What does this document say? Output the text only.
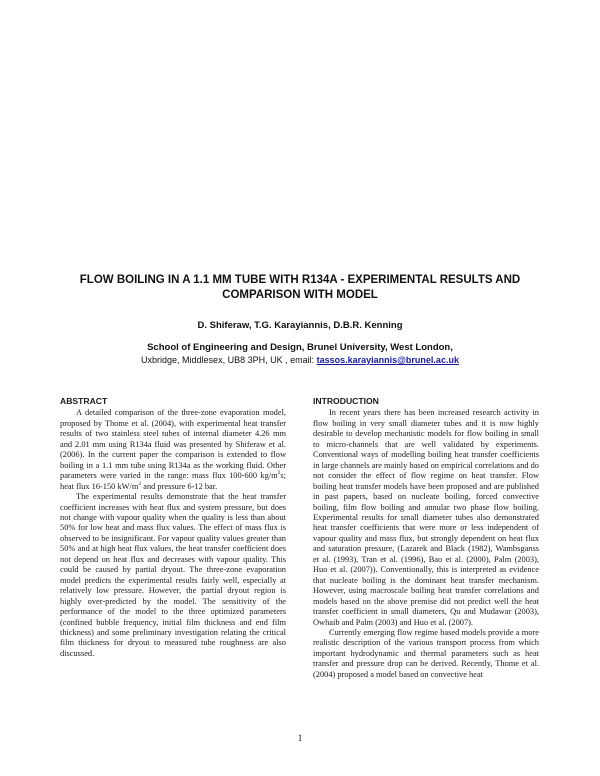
FLOW BOILING IN A 1.1 MM TUBE WITH R134A - EXPERIMENTAL RESULTS AND COMPARISON WITH MODEL

D. Shiferaw, T.G. Karayiannis, D.B.R. Kenning

School of Engineering and Design, Brunel University, West London,
Uxbridge, Middlesex, UB8 3PH, UK , email: tassos.karayiannis@brunel.ac.uk

ABSTRACT

A detailed comparison of the three-zone evaporation model, proposed by Thome et al. (2004), with experimental heat transfer results of two stainless steel tubes of internal diameter 4.26 mm and 2.01 mm using R134a fluid was presented by Shiferaw et al. (2006). In the current paper the comparison is extended to flow boiling in a 1.1 mm tube using R134a as the working fluid. Other parameters were varied in the range: mass flux 100-600 $kg/m^2s$; heat flux 16-150 $kW/m^2$ and pressure 6-12 bar.

The experimental results demonstrate that the heat transfer coefficient increases with heat flux and system pressure, but does not change with vapour quality when the quality is less than about 50% for low heat and mass flux values. The effect of mass flux is observed to be insignificant. For vapour quality values greater than 50% and at high heat flux values, the heat transfer coefficient does not depend on heat flux and decreases with vapour quality. This could be caused by partial dryout. The three-zone evaporation model predicts the experimental results fairly well, especially at relatively low pressure. However, the partial dryout region is highly over-predicted by the model. The sensitivity of the performance of the model to the three optimized parameters (confined bubble frequency, initial film thickness and end film thickness) and some preliminary investigation relating the critical film thickness for dryout to measured tube roughness are also discussed.

INTRODUCTION

In recent years there has been increased research activity in flow boiling in very small diameter tubes and it is now highly desirable to develop mechanistic models for flow boiling in small to micro-channels that are well validated by experiments. Conventional ways of modelling boiling heat transfer coefficients in large channels are mainly based on empirical correlations and do not consider the effect of flow regime on heat transfer. Flow boiling heat transfer models have been proposed and are published in past papers, based on nucleate boiling, forced convective boiling, film flow boiling and annular two phase flow boiling. Experimental results for small diameter tubes also demonstrated heat transfer coefficients that were more or less independent of vapour quality and mass flux, but strongly dependent on heat flux and saturation pressure, (Lazarek and Black (1982), Wambsganss et al. (1993), Tran et al. (1996), Bao et al. (2000), Palm (2003), Huo et al. (2007)). Conventionally, this is interpreted as evidence that nucleate boiling is the dominant heat transfer mechanism. However, using macroscale boiling heat transfer correlations and models based on the above premise did not predict well the heat transfer coefficient in small diameters, Qu and Mudawar (2003), Owhaib and Palm (2003) and Huo et al. (2007).

Currently emerging flow regime based models provide a more realistic description of the various transport process from which important hydrodynamic and thermal parameters such as heat transfer and pressure drop can be derived. Recently, Thome et al. (2004) proposed a model based on convective heat

1
